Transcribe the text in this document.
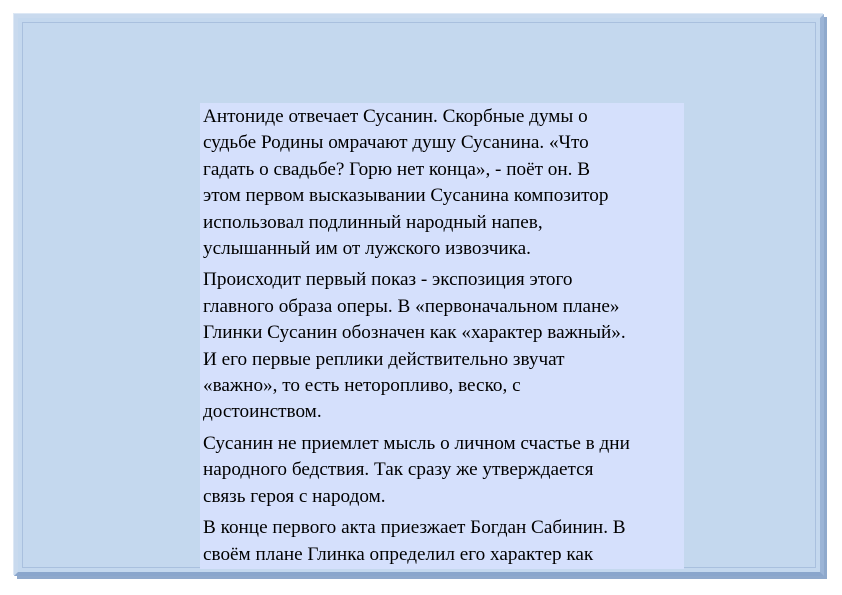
Антониде отвечает Сусанин. Скорбные думы о
судьбе Родины омрачают душу Сусанина. «Что
гадать о свадьбе? Горю нет конца», - поёт он. В
этом первом высказывании Сусанина композитор
использовал подлинный народный напев,
услышанный им от лужского извозчика.

Происходит первый показ - экспозиция этого
главного образа оперы. В «первоначальном плане»
Глинки Сусанин обозначен как «характер важный».
И его первые реплики действительно звучат
«важно», то есть неторопливо, веско, с
достоинством.

Сусанин не приемлет мысль о личном счастье в дни
народного бедствия. Так сразу же утверждается
связь героя с народом.

В конце первого акта приезжает Богдан Сабинин. В
своём плане Глинка определил его характер как
